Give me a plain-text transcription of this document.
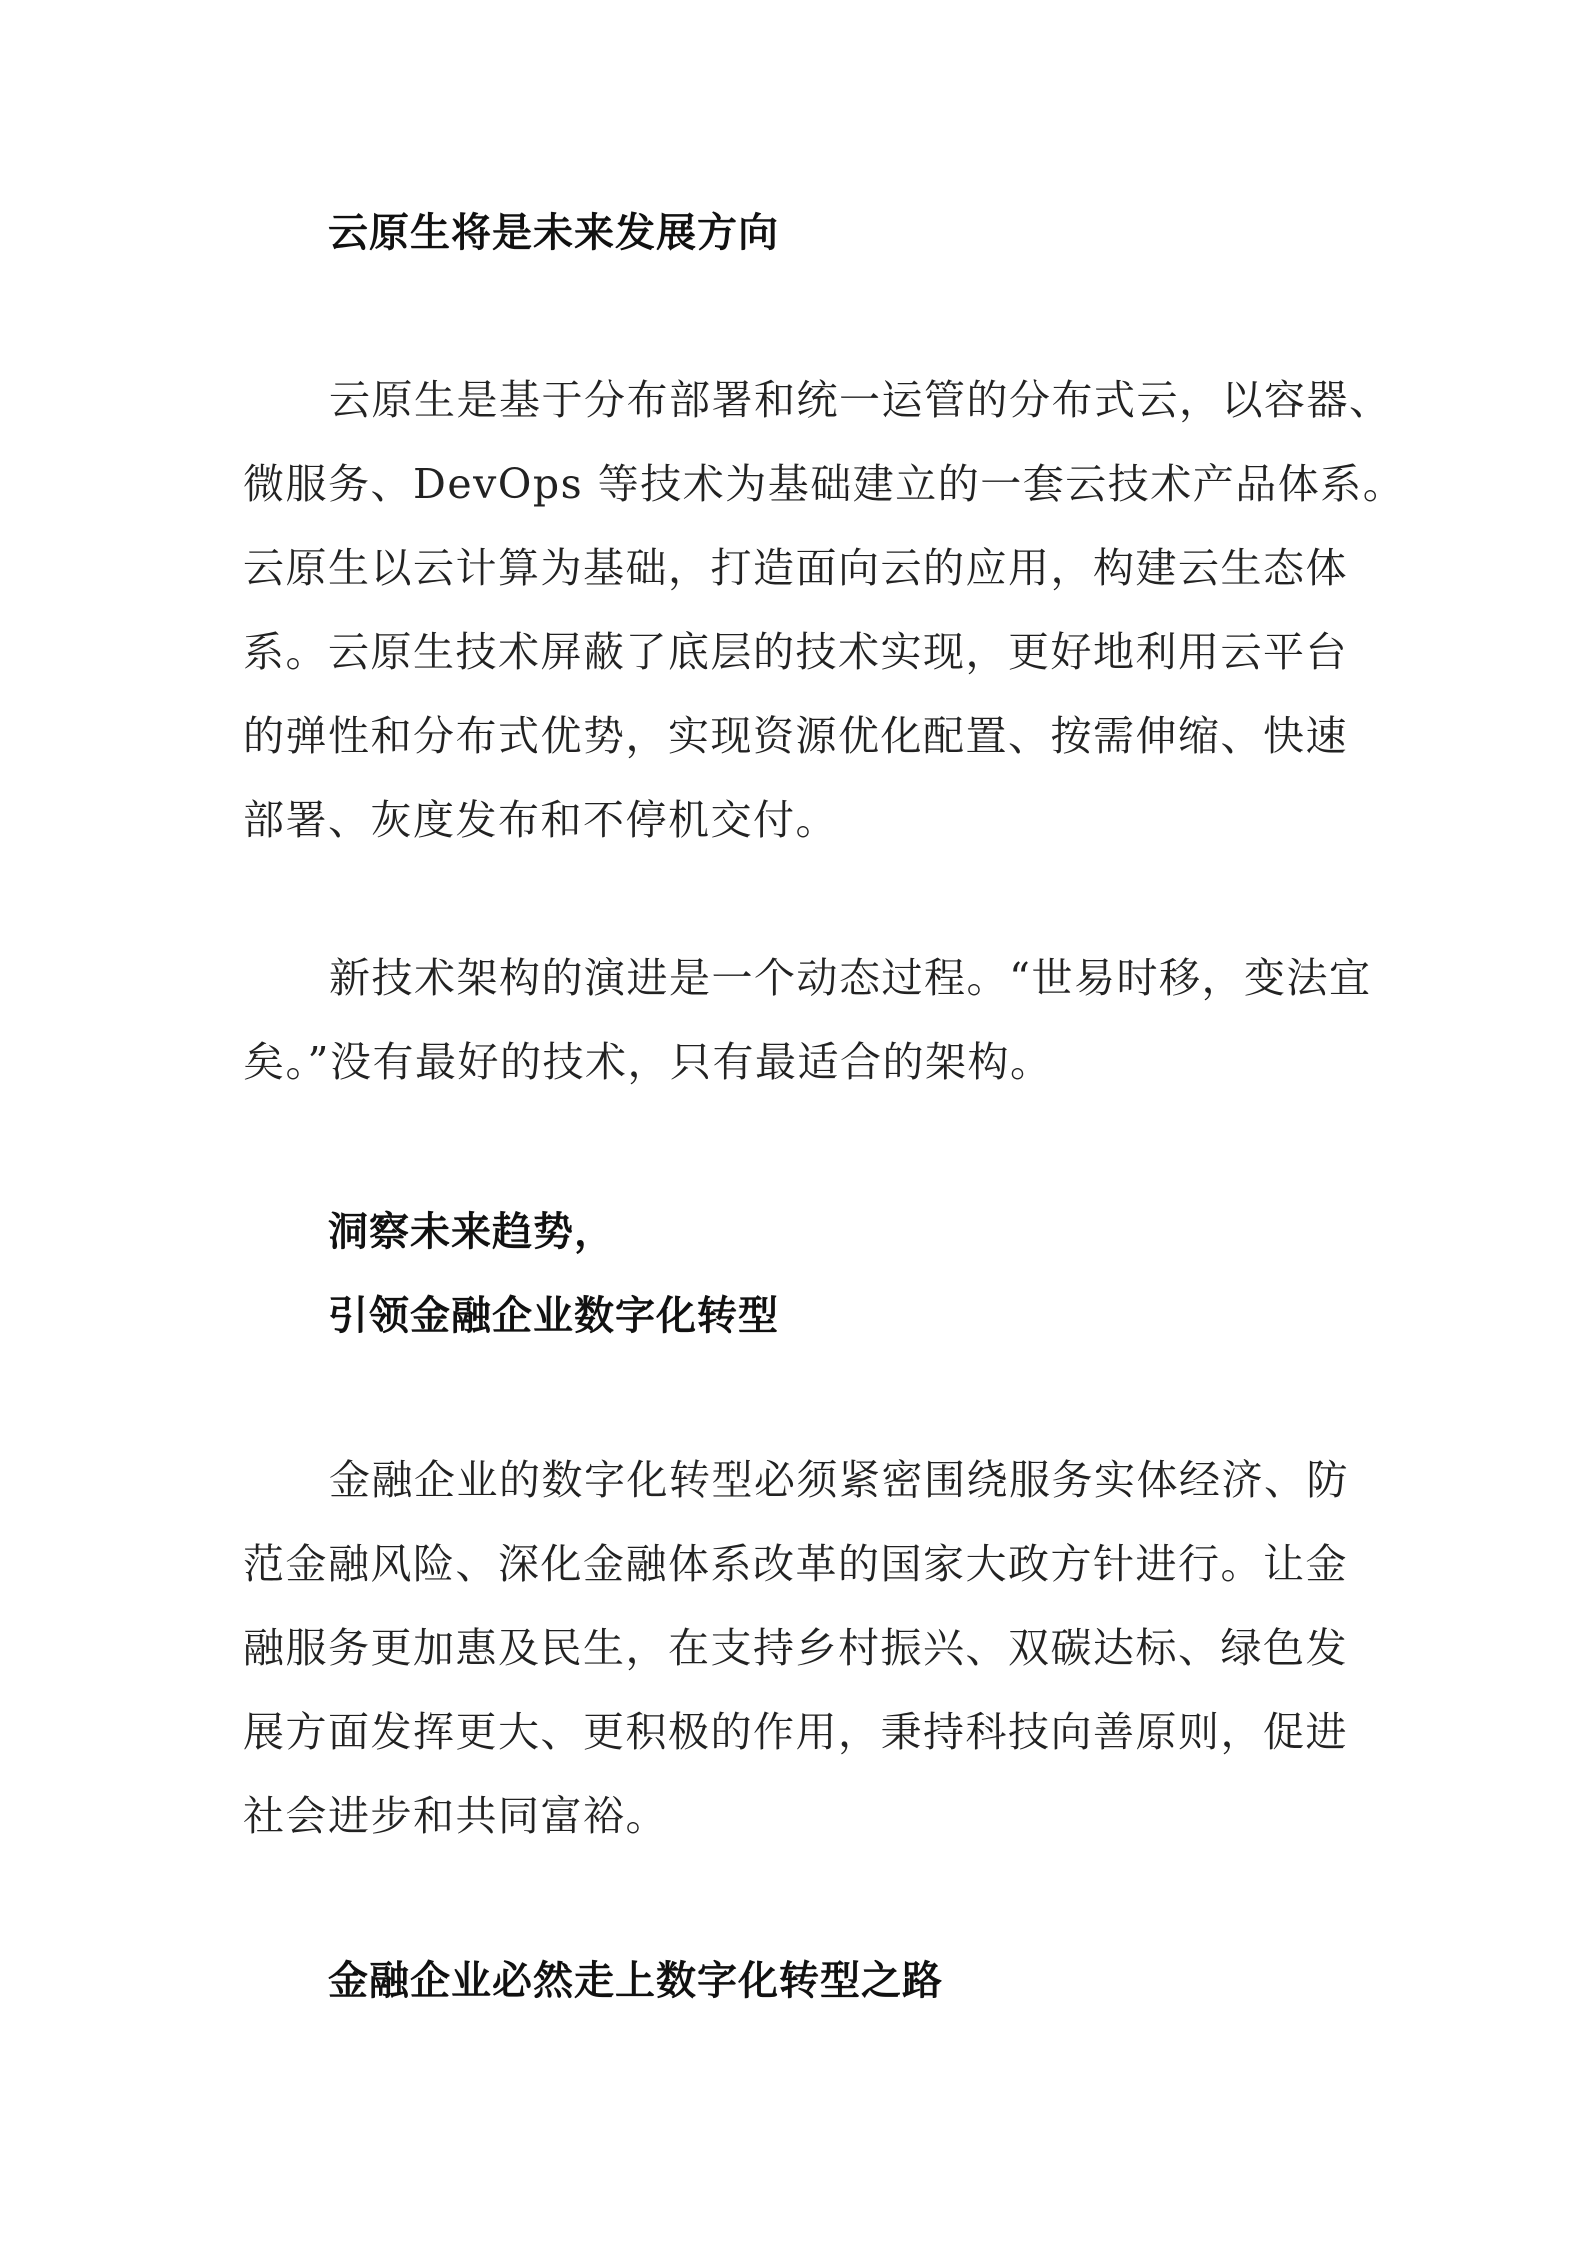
云原生将是未来发展方向
云原生是基于分布部署和统一运管的分布式云，以容器、
微服务、DevOps 等技术为基础建立的一套云技术产品体系。
云原生以云计算为基础，打造面向云的应用，构建云生态体
系。云原生技术屏蔽了底层的技术实现，更好地利用云平台
的弹性和分布式优势，实现资源优化配置、按需伸缩、快速
部署、灰度发布和不停机交付。
新技术架构的演进是一个动态过程。“世易时移，变法宜
矣。”没有最好的技术，只有最适合的架构。
洞察未来趋势，
引领金融企业数字化转型
金融企业的数字化转型必须紧密围绕服务实体经济、防
范金融风险、深化金融体系改革的国家大政方针进行。让金
融服务更加惠及民生，在支持乡村振兴、双碳达标、绿色发
展方面发挥更大、更积极的作用，秉持科技向善原则，促进
社会进步和共同富裕。
金融企业必然走上数字化转型之路
